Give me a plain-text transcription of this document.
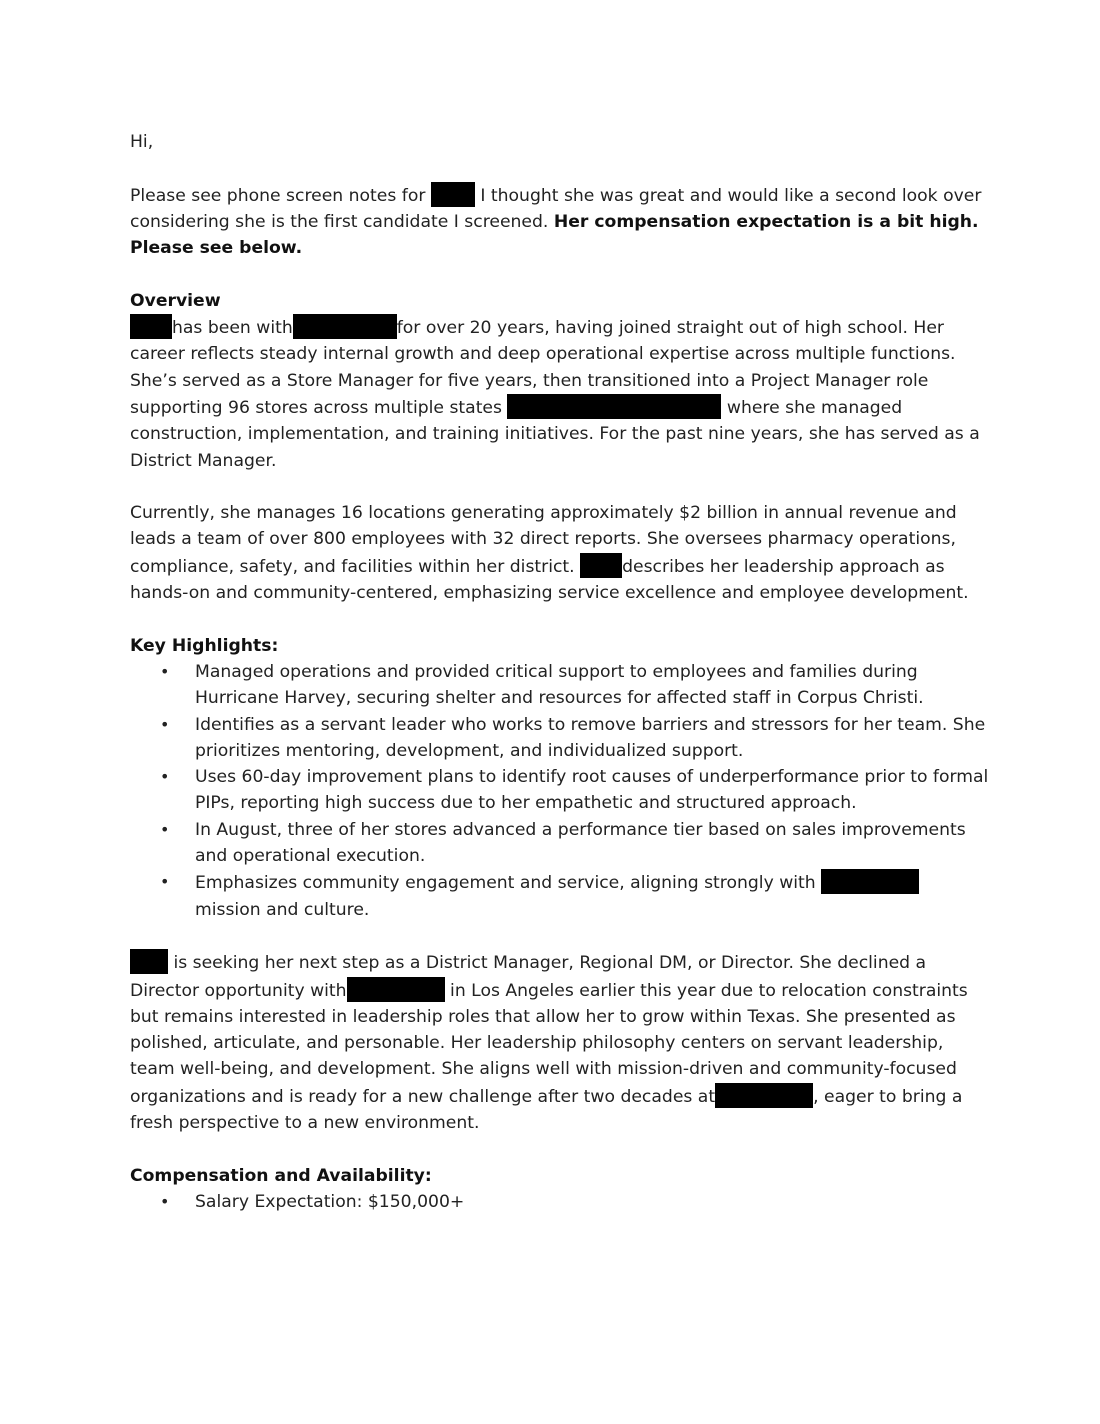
Hi,

Please see phone screen notes for	I thought she was great and would like a second look over considering she is the first candidate I screened. Her compensation expectation is a bit high. Please see below.

Overview

has been with	for over 20 years, having joined straight out of high school. Her career reflects steady internal growth and deep operational expertise across multiple functions. She’s served as a Store Manager for five years, then transitioned into a Project Manager role supporting 96 stores across multiple states	where she managed construction, implementation, and training initiatives. For the past nine years, she has served as a District Manager.

Currently, she manages 16 locations generating approximately $2 billion in annual revenue and leads a team of over 800 employees with 32 direct reports. She oversees pharmacy operations, compliance, safety, and facilities within her district.	describes her leadership approach as hands-on and community-centered, emphasizing service excellence and employee development.

Key Highlights:

• Managed operations and provided critical support to employees and families during Hurricane Harvey, securing shelter and resources for affected staff in Corpus Christi.
• Identifies as a servant leader who works to remove barriers and stressors for her team. She prioritizes mentoring, development, and individualized support.
• Uses 60-day improvement plans to identify root causes of underperformance prior to formal PIPs, reporting high success due to her empathetic and structured approach.
• In August, three of her stores advanced a performance tier based on sales improvements and operational execution.
• Emphasizes community engagement and service, aligning strongly with  mission and culture.

is seeking her next step as a District Manager, Regional DM, or Director. She declined a Director opportunity with	in Los Angeles earlier this year due to relocation constraints but remains interested in leadership roles that allow her to grow within Texas. She presented as polished, articulate, and personable. Her leadership philosophy centers on servant leadership, team well-being, and development. She aligns well with mission-driven and community-focused organizations and is ready for a new challenge after two decades at	, eager to bring a fresh perspective to a new environment.

Compensation and Availability:

• Salary Expectation: $150,000+
